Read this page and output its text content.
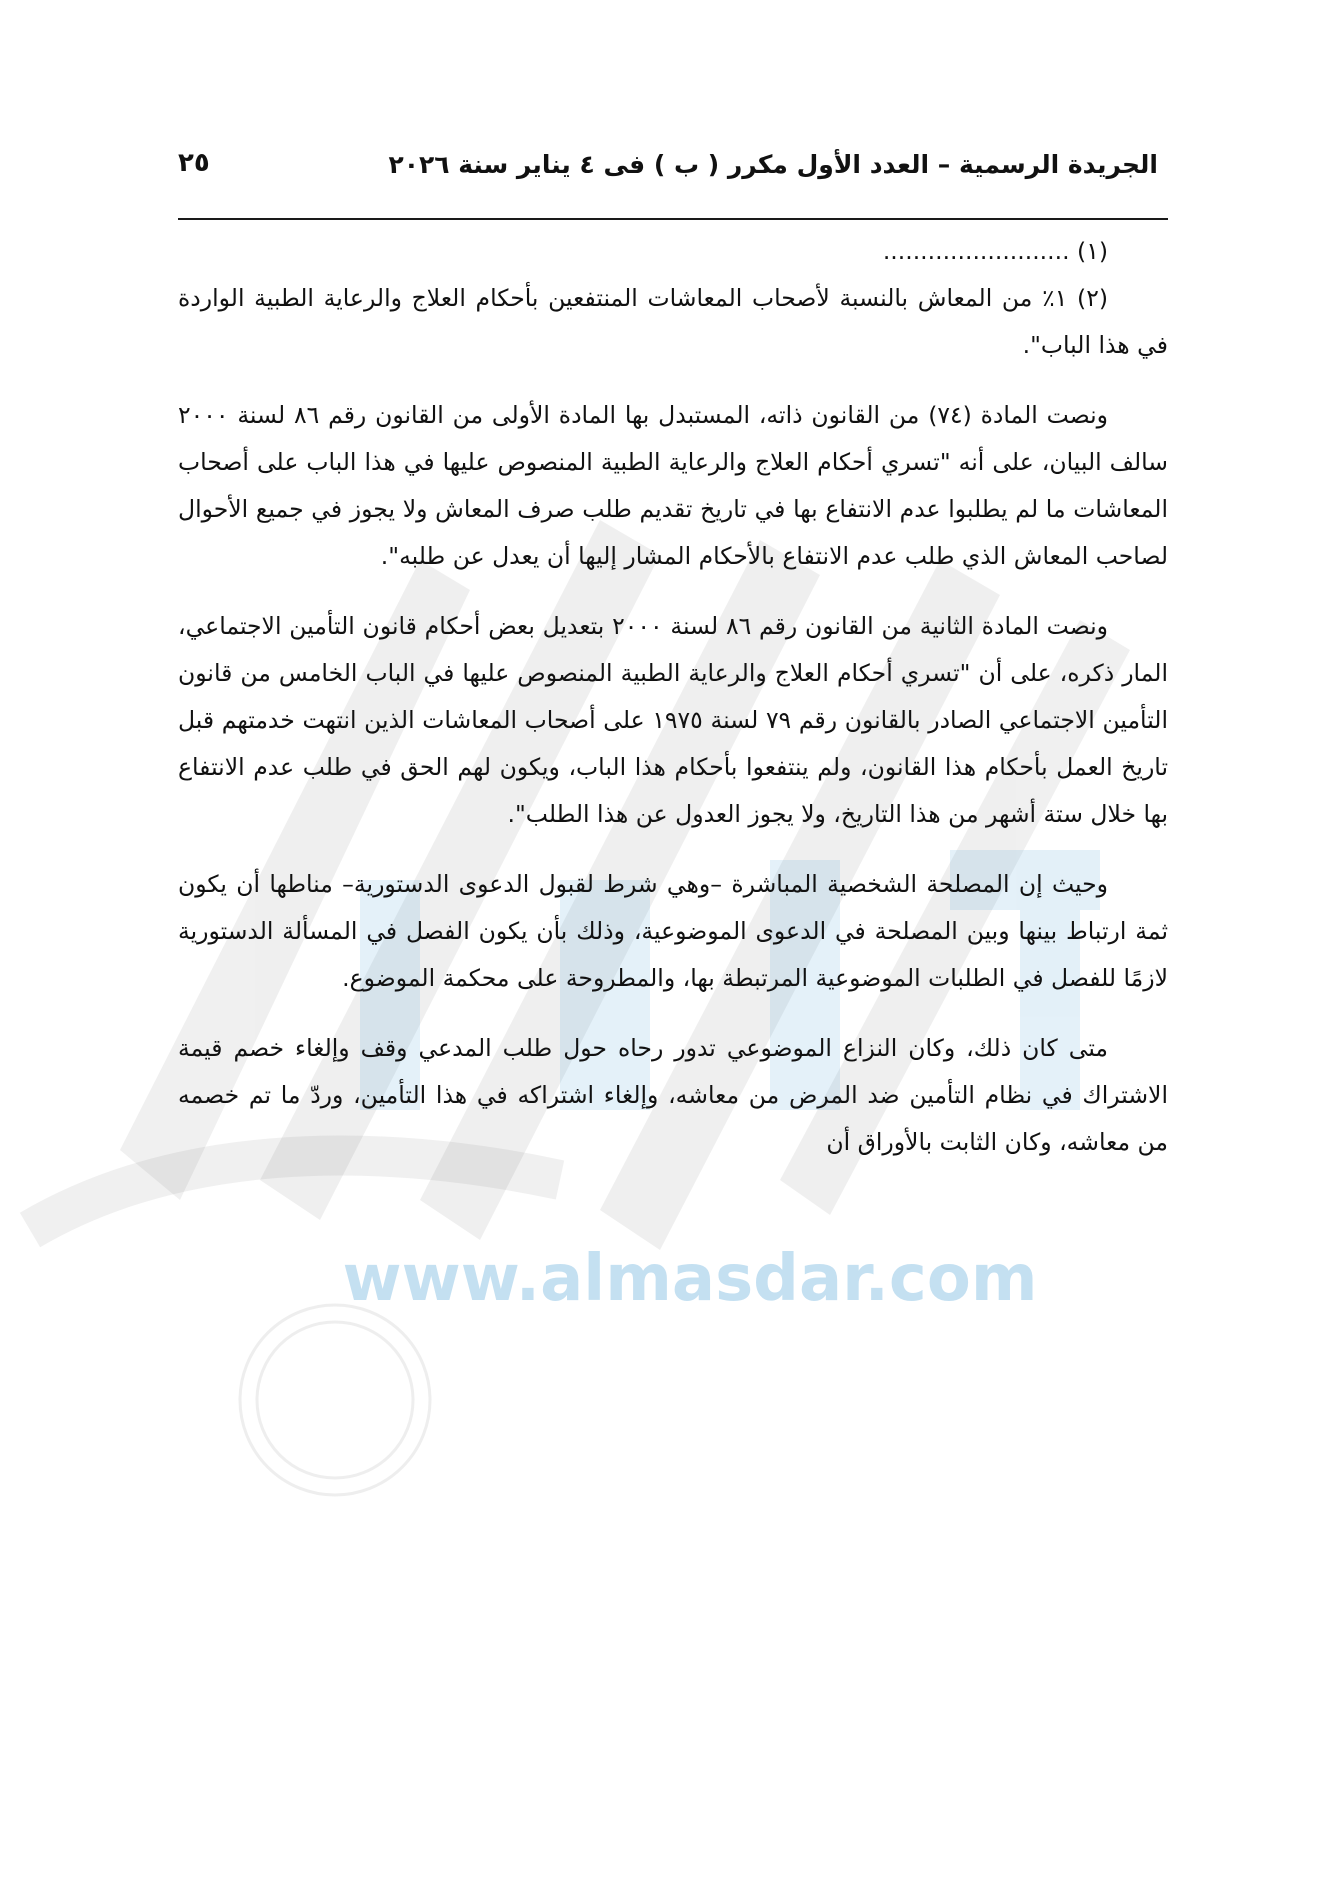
www.almasdar.com
الجريدة الرسمية – العدد الأول مكرر ( ب ) فى ٤ يناير سنة ٢٠٢٦
٢٥

(١) .........................

(٢) ١٪ من المعاش بالنسبة لأصحاب المعاشات المنتفعين بأحكام العلاج والرعاية الطبية الواردة في هذا الباب".

ونصت المادة (٧٤) من القانون ذاته، المستبدل بها المادة الأولى من القانون رقم ٨٦ لسنة ٢٠٠٠ سالف البيان، على أنه "تسري أحكام العلاج والرعاية الطبية المنصوص عليها في هذا الباب على أصحاب المعاشات ما لم يطلبوا عدم الانتفاع بها في تاريخ تقديم طلب صرف المعاش ولا يجوز في جميع الأحوال لصاحب المعاش الذي طلب عدم الانتفاع بالأحكام المشار إليها أن يعدل عن طلبه".

ونصت المادة الثانية من القانون رقم ٨٦ لسنة ٢٠٠٠ بتعديل بعض أحكام قانون التأمين الاجتماعي، المار ذكره، على أن "تسري أحكام العلاج والرعاية الطبية المنصوص عليها في الباب الخامس من قانون التأمين الاجتماعي الصادر بالقانون رقم ٧٩ لسنة ١٩٧٥ على أصحاب المعاشات الذين انتهت خدمتهم قبل تاريخ العمل بأحكام هذا القانون، ولم ينتفعوا بأحكام هذا الباب، ويكون لهم الحق في طلب عدم الانتفاع بها خلال ستة أشهر من هذا التاريخ، ولا يجوز العدول عن هذا الطلب".

وحيث إن المصلحة الشخصية المباشرة –وهي شرط لقبول الدعوى الدستورية– مناطها أن يكون ثمة ارتباط بينها وبين المصلحة في الدعوى الموضوعية، وذلك بأن يكون الفصل في المسألة الدستورية لازمًا للفصل في الطلبات الموضوعية المرتبطة بها، والمطروحة على محكمة الموضوع.

متى كان ذلك، وكان النزاع الموضوعي تدور رحاه حول طلب المدعي وقف وإلغاء خصم قيمة الاشتراك في نظام التأمين ضد المرض من معاشه، وإلغاء اشتراكه في هذا التأمين، وردّ ما تم خصمه من معاشه، وكان الثابت بالأوراق أن
